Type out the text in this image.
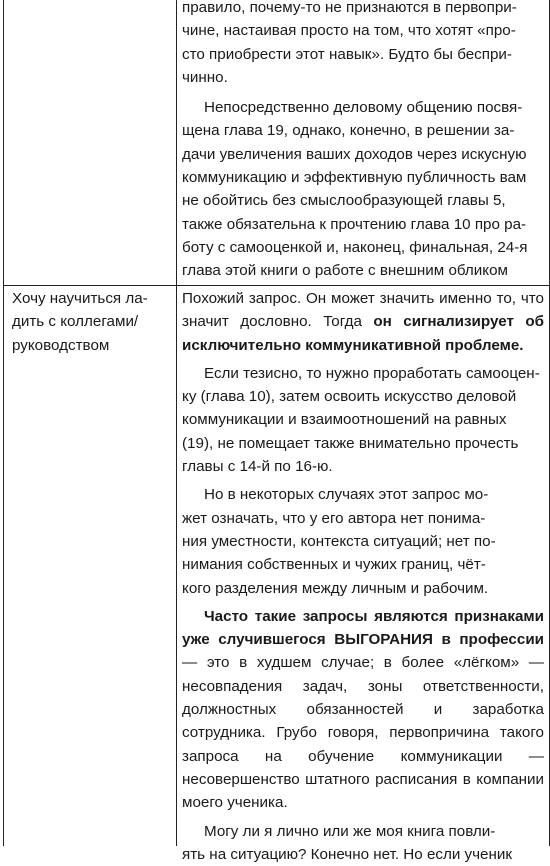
правило, почему-то не признаются в первопри-
чине, настаивая просто на том, что хотят «про-
сто приобрести этот навык». Будто бы беспри-
чинно.

Непосредственно деловому общению посвя-
щена глава 19, однако, конечно, в решении за-
дачи увеличения ваших доходов через искусную
коммуникацию и эффективную публичность вам
не обойтись без смыслообразующей главы 5,
также обязательна к прочтению глава 10 про ра-
боту с самооценкой и, наконец, финальная, 24-я
глава этой книги о работе с внешним обликом

Хочу научиться ла-
дить с коллегами/
руководством

Похожий запрос. Он может значить именно то, что значит дословно. Тогда он сигнализирует об исключительно коммуникативной проблеме.

Если тезисно, то нужно проработать самооцен-
ку (глава 10), затем освоить искусство деловой
коммуникации и взаимоотношений на равных
(19), не помещает также внимательно прочесть
главы с 14-й по 16-ю.

Но в некоторых случаях этот запрос мо-
жет означать, что у его автора нет понима-
ния уместности, контекста ситуаций; нет по-
нимания собственных и чужих границ, чёт-
кого разделения между личным и рабочим.

Часто такие запросы являются признаками уже случившегося ВЫГОРАНИЯ в профессии — это в худшем случае; в более «лёгком» — несовпадения задач, зоны ответственности, должностных обязанностей и заработка сотрудника. Грубо говоря, первопричина такого запроса на обучение коммуникации — несовершенство штатного расписания в компании моего ученика.

Могу ли я лично или же моя книга повли-
ять на ситуацию? Конечно нет. Но если ученик
